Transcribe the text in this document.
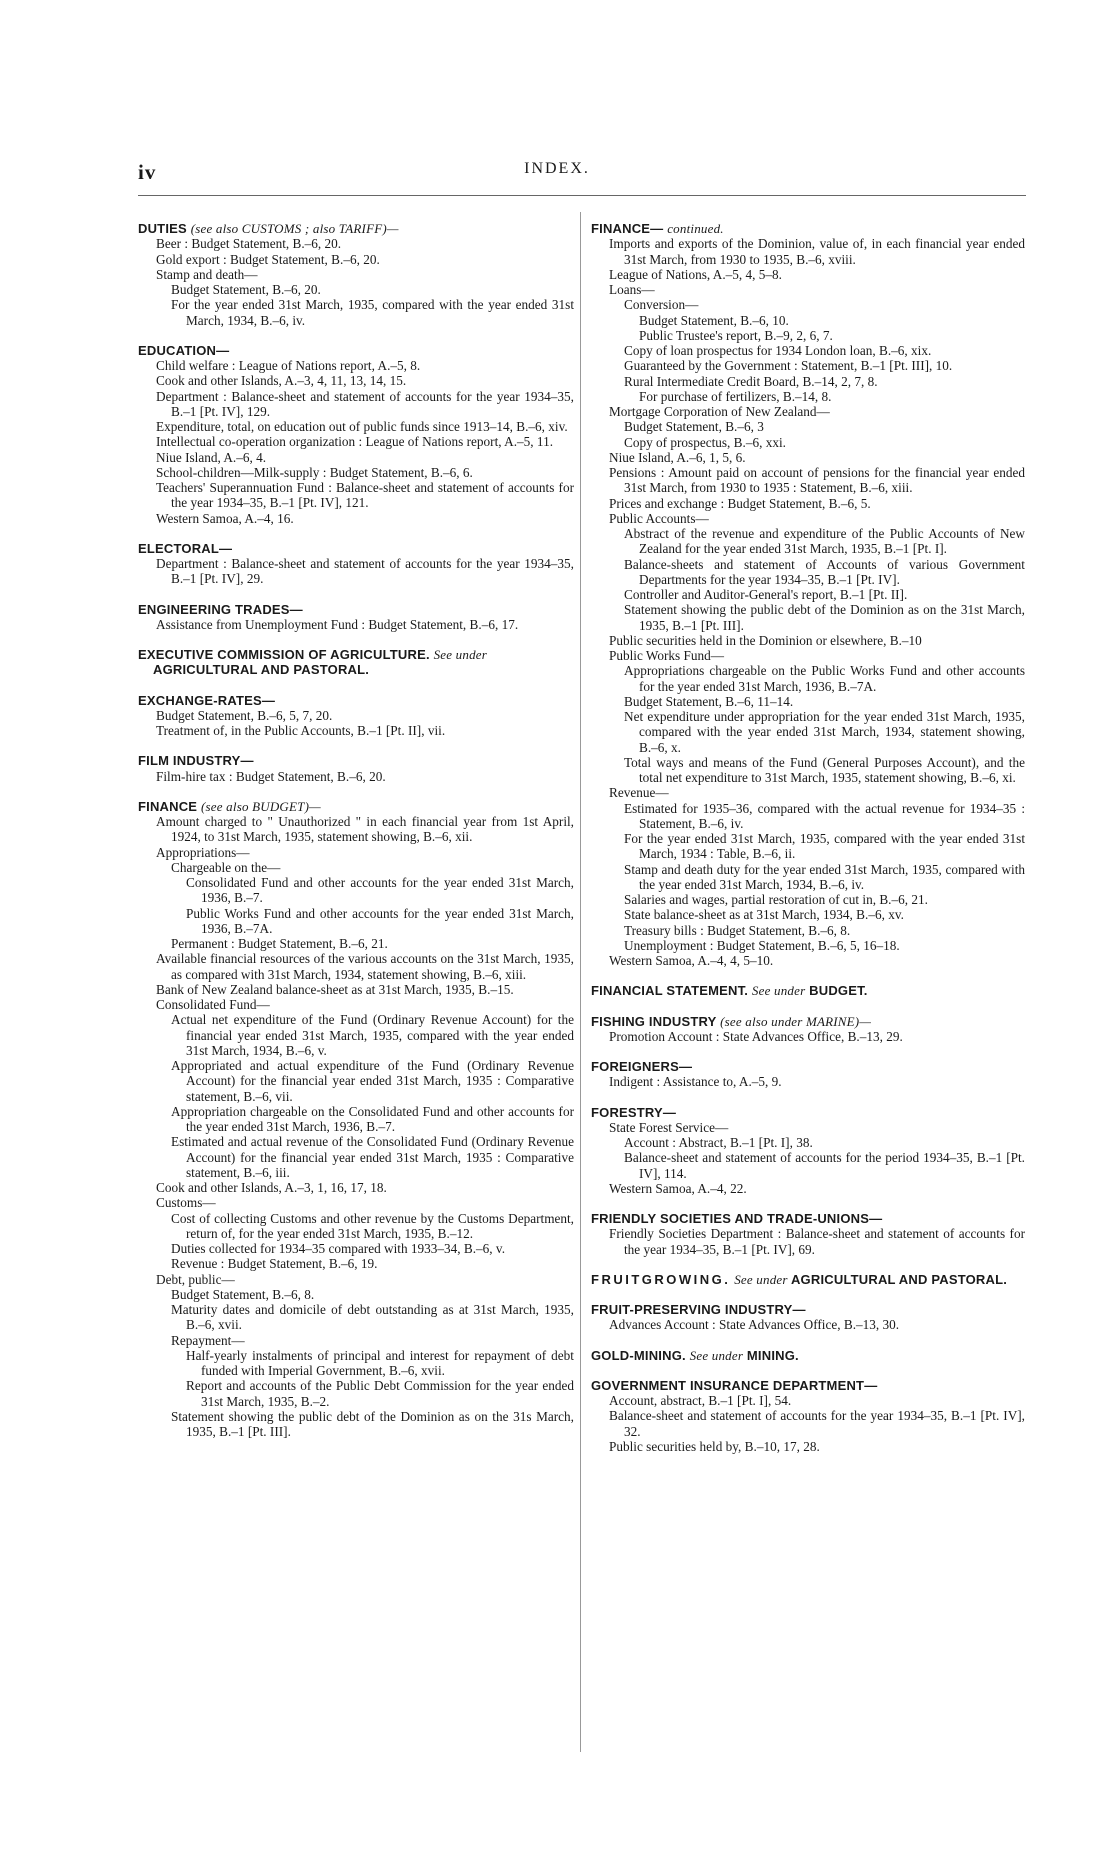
iv	INDEX.
DUTIES (see also CUSTOMS ; also TARIFF)—
Beer : Budget Statement, B.–6, 20.
Gold export : Budget Statement, B.–6, 20.
Stamp and death—
Budget Statement, B.–6, 20.
For the year ended 31st March, 1935, compared with the year ended 31st March, 1934, B.–6, iv.
EDUCATION—
Child welfare : League of Nations report, A.–5, 8.
Cook and other Islands, A.–3, 4, 11, 13, 14, 15.
Department : Balance-sheet and statement of accounts for the year 1934–35, B.–1 [Pt. IV], 129.
Expenditure, total, on education out of public funds since 1913–14, B.–6, xiv.
Intellectual co-operation organization : League of Nations report, A.–5, 11.
Niue Island, A.–6, 4.
School-children—Milk-supply : Budget Statement, B.–6, 6.
Teachers' Superannuation Fund : Balance-sheet and statement of accounts for the year 1934–35, B.–1 [Pt. IV], 121.
Western Samoa, A.–4, 16.
ELECTORAL—
Department : Balance-sheet and statement of accounts for the year 1934–35, B.–1 [Pt. IV], 29.
ENGINEERING TRADES—
Assistance from Unemployment Fund : Budget Statement, B.–6, 17.
EXECUTIVE COMMISSION OF AGRICULTURE. See under AGRICULTURAL AND PASTORAL.
EXCHANGE-RATES—
Budget Statement, B.–6, 5, 7, 20.
Treatment of, in the Public Accounts, B.–1 [Pt. II], vii.
FILM INDUSTRY—
Film-hire tax : Budget Statement, B.–6, 20.
FINANCE (see also BUDGET)—
Amount charged to " Unauthorized " in each financial year from 1st April, 1924, to 31st March, 1935, statement showing, B.–6, xii.
Appropriations—
Chargeable on the—
Consolidated Fund and other accounts for the year ended 31st March, 1936, B.–7.
Public Works Fund and other accounts for the year ended 31st March, 1936, B.–7A.
Permanent : Budget Statement, B.–6, 21.
Available financial resources of the various accounts on the 31st March, 1935, as compared with 31st March, 1934, statement showing, B.–6, xiii.
Bank of New Zealand balance-sheet as at 31st March, 1935, B.–15.
Consolidated Fund—
Actual net expenditure of the Fund (Ordinary Revenue Account) for the financial year ended 31st March, 1935, compared with the year ended 31st March, 1934, B.–6, v.
Appropriated and actual expenditure of the Fund (Ordinary Revenue Account) for the financial year ended 31st March, 1935 : Comparative statement, B.–6, vii.
Appropriation chargeable on the Consolidated Fund and other accounts for the year ended 31st March, 1936, B.–7.
Estimated and actual revenue of the Consolidated Fund (Ordinary Revenue Account) for the financial year ended 31st March, 1935 : Comparative statement, B.–6, iii.
Cook and other Islands, A.–3, 1, 16, 17, 18.
Customs—
Cost of collecting Customs and other revenue by the Customs Department, return of, for the year ended 31st March, 1935, B.–12.
Duties collected for 1934–35 compared with 1933–34, B.–6, v.
Revenue : Budget Statement, B.–6, 19.
Debt, public—
Budget Statement, B.–6, 8.
Maturity dates and domicile of debt outstanding as at 31st March, 1935, B.–6, xvii.
Repayment—
Half-yearly instalments of principal and interest for repayment of debt funded with Imperial Government, B.–6, xvii.
Report and accounts of the Public Debt Commission for the year ended 31st March, 1935, B.–2.
Statement showing the public debt of the Dominion as on the 31s March, 1935, B.–1 [Pt. III].
FINANCE— continued.
Imports and exports of the Dominion, value of, in each financial year ended 31st March, from 1930 to 1935, B.–6, xviii.
League of Nations, A.–5, 4, 5–8.
Loans—
Conversion—
Budget Statement, B.–6, 10.
Public Trustee's report, B.–9, 2, 6, 7.
Copy of loan prospectus for 1934 London loan, B.–6, xix.
Guaranteed by the Government : Statement, B.–1 [Pt. III], 10.
Rural Intermediate Credit Board, B.–14, 2, 7, 8.
For purchase of fertilizers, B.–14, 8.
Mortgage Corporation of New Zealand—
Budget Statement, B.–6, 3
Copy of prospectus, B.–6, xxi.
Niue Island, A.–6, 1, 5, 6.
Pensions : Amount paid on account of pensions for the financial year ended 31st March, from 1930 to 1935 : Statement, B.–6, xiii.
Prices and exchange : Budget Statement, B.–6, 5.
Public Accounts—
Abstract of the revenue and expenditure of the Public Accounts of New Zealand for the year ended 31st March, 1935, B.–1 [Pt. I].
Balance-sheets and statement of Accounts of various Government Departments for the year 1934–35, B.–1 [Pt. IV].
Controller and Auditor-General's report, B.–1 [Pt. II].
Statement showing the public debt of the Dominion as on the 31st March, 1935, B.–1 [Pt. III].
Public securities held in the Dominion or elsewhere, B.–10
Public Works Fund—
Appropriations chargeable on the Public Works Fund and other accounts for the year ended 31st March, 1936, B.–7A.
Budget Statement, B.–6, 11–14.
Net expenditure under appropriation for the year ended 31st March, 1935, compared with the year ended 31st March, 1934, statement showing, B.–6, x.
Total ways and means of the Fund (General Purposes Account), and the total net expenditure to 31st March, 1935, statement showing, B.–6, xi.
Revenue—
Estimated for 1935–36, compared with the actual revenue for 1934–35 : Statement, B.–6, iv.
For the year ended 31st March, 1935, compared with the year ended 31st March, 1934 : Table, B.–6, ii.
Stamp and death duty for the year ended 31st March, 1935, compared with the year ended 31st March, 1934, B.–6, iv.
Salaries and wages, partial restoration of cut in, B.–6, 21.
State balance-sheet as at 31st March, 1934, B.–6, xv.
Treasury bills : Budget Statement, B.–6, 8.
Unemployment : Budget Statement, B.–6, 5, 16–18.
Western Samoa, A.–4, 4, 5–10.
FINANCIAL STATEMENT. See under BUDGET.
FISHING INDUSTRY (see also under MARINE)—
Promotion Account : State Advances Office, B.–13, 29.
FOREIGNERS—
Indigent : Assistance to, A.–5, 9.
FORESTRY—
State Forest Service—
Account : Abstract, B.–1 [Pt. I], 38.
Balance-sheet and statement of accounts for the period 1934–35, B.–1 [Pt. IV], 114.
Western Samoa, A.–4, 22.
FRIENDLY SOCIETIES AND TRADE-UNIONS—
Friendly Societies Department : Balance-sheet and statement of accounts for the year 1934–35, B.–1 [Pt. IV], 69.
FRUITGROWING. See under AGRICULTURAL AND PASTORAL.
FRUIT-PRESERVING INDUSTRY—
Advances Account : State Advances Office, B.–13, 30.
GOLD-MINING. See under MINING.
GOVERNMENT INSURANCE DEPARTMENT—
Account, abstract, B.–1 [Pt. I], 54.
Balance-sheet and statement of accounts for the year 1934–35, B.–1 [Pt. IV], 32.
Public securities held by, B.–10, 17, 28.
